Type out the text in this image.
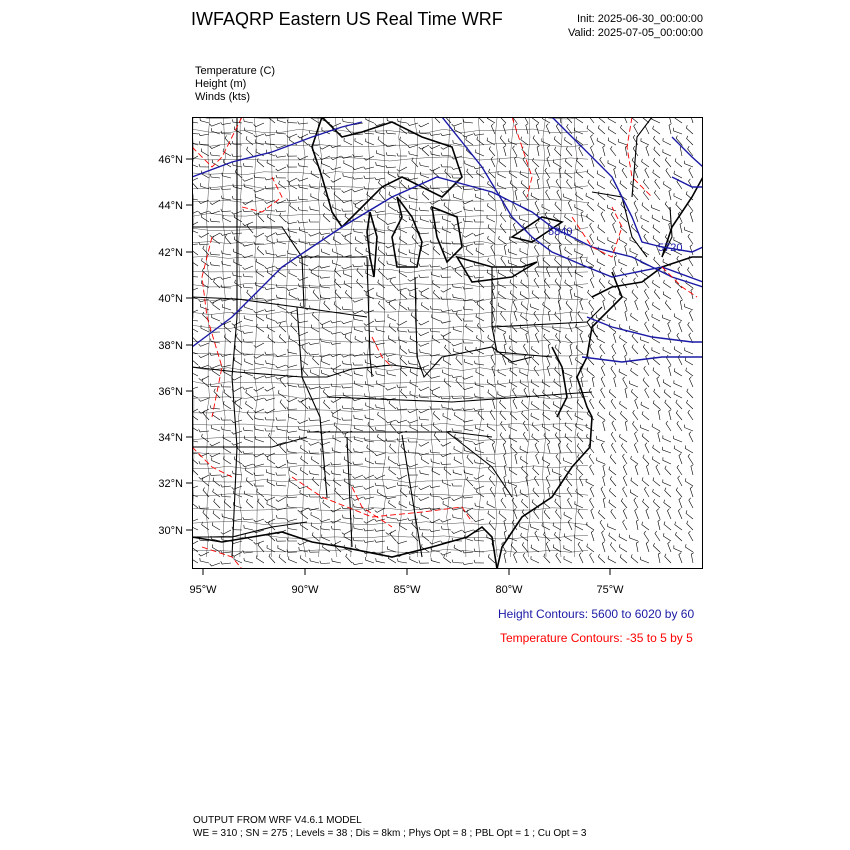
IWFAQRP Eastern US Real Time WRF	Init: 2025-06-30_00:00:00
Valid: 2025-07-05_00:00:00
Temperature (C)
Height (m)
Winds (kts)
5840
5720
46°N
44°N
42°N
40°N
38°N
36°N
34°N
32°N
30°N
95°W	90°W	85°W	80°W	75°W
Height Contours: 5600 to 6020 by 60
Temperature Contours: -35 to 5 by 5
OUTPUT FROM WRF V4.6.1 MODEL
WE = 310 ; SN = 275 ; Levels = 38 ; Dis = 8km ; Phys Opt = 8 ; PBL Opt = 1 ; Cu Opt = 3
